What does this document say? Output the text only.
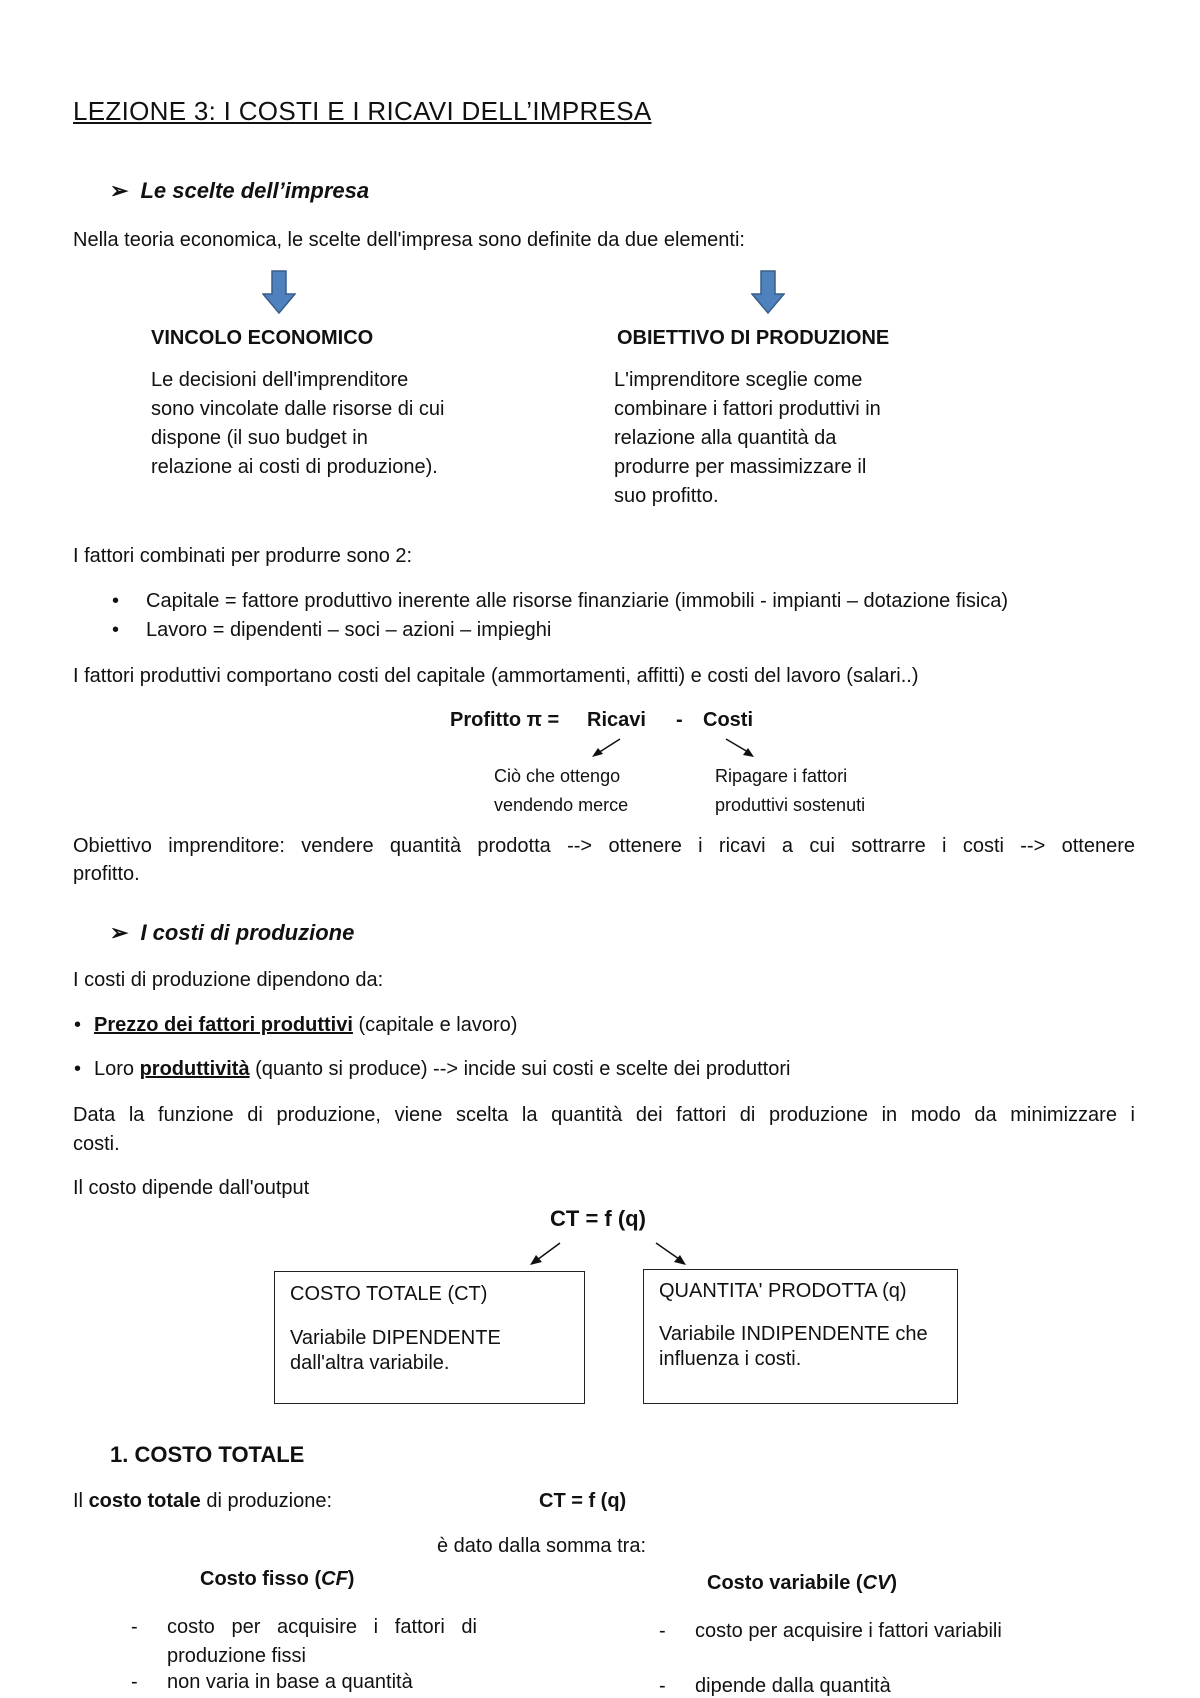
LEZIONE 3: I COSTI E I RICAVI DELL’IMPRESA
➢ Le scelte dell’impresa
Nella teoria economica, le scelte dell'impresa sono definite da due elementi:
VINCOLO ECONOMICO
Le decisioni dell'imprenditore sono vincolate dalle risorse di cui dispone (il suo budget in relazione ai costi di produzione).
OBIETTIVO DI PRODUZIONE
L'imprenditore sceglie come combinare i fattori produttivi in relazione alla quantità da produrre per massimizzare il suo profitto.
I fattori combinati per produrre sono 2:
• Capitale = fattore produttivo inerente alle risorse finanziarie (immobili - impianti – dotazione fisica)
• Lavoro = dipendenti – soci – azioni – impieghi
I fattori produttivi comportano costi del capitale (ammortamenti, affitti) e costi del lavoro (salari..)
Profitto π = Ricavi - Costi
Ciò che ottengo vendendo merce
Ripagare i fattori produttivi sostenuti
Obiettivo imprenditore: vendere quantità prodotta --> ottenere i ricavi a cui sottrarre i costi --> ottenere
profitto.
➢ I costi di produzione
I costi di produzione dipendono da:
• Prezzo dei fattori produttivi (capitale e lavoro)
• Loro produttività (quanto si produce) --> incide sui costi e scelte dei produttori
Data la funzione di produzione, viene scelta la quantità dei fattori di produzione in modo da minimizzare i
costi.
Il costo dipende dall'output
CT = f (q)
COSTO TOTALE (CT)
Variabile DIPENDENTE dall'altra variabile.
QUANTITA' PRODOTTA (q)
Variabile INDIPENDENTE che influenza i costi.
1. COSTO TOTALE
Il costo totale di produzione:	CT = f (q)
è dato dalla somma tra:
Costo fisso (CF)	Costo variabile (CV)
- costo per acquisire i fattori di produzione fissi
- non varia in base a quantità
- costo per acquisire i fattori variabili
- dipende dalla quantità
